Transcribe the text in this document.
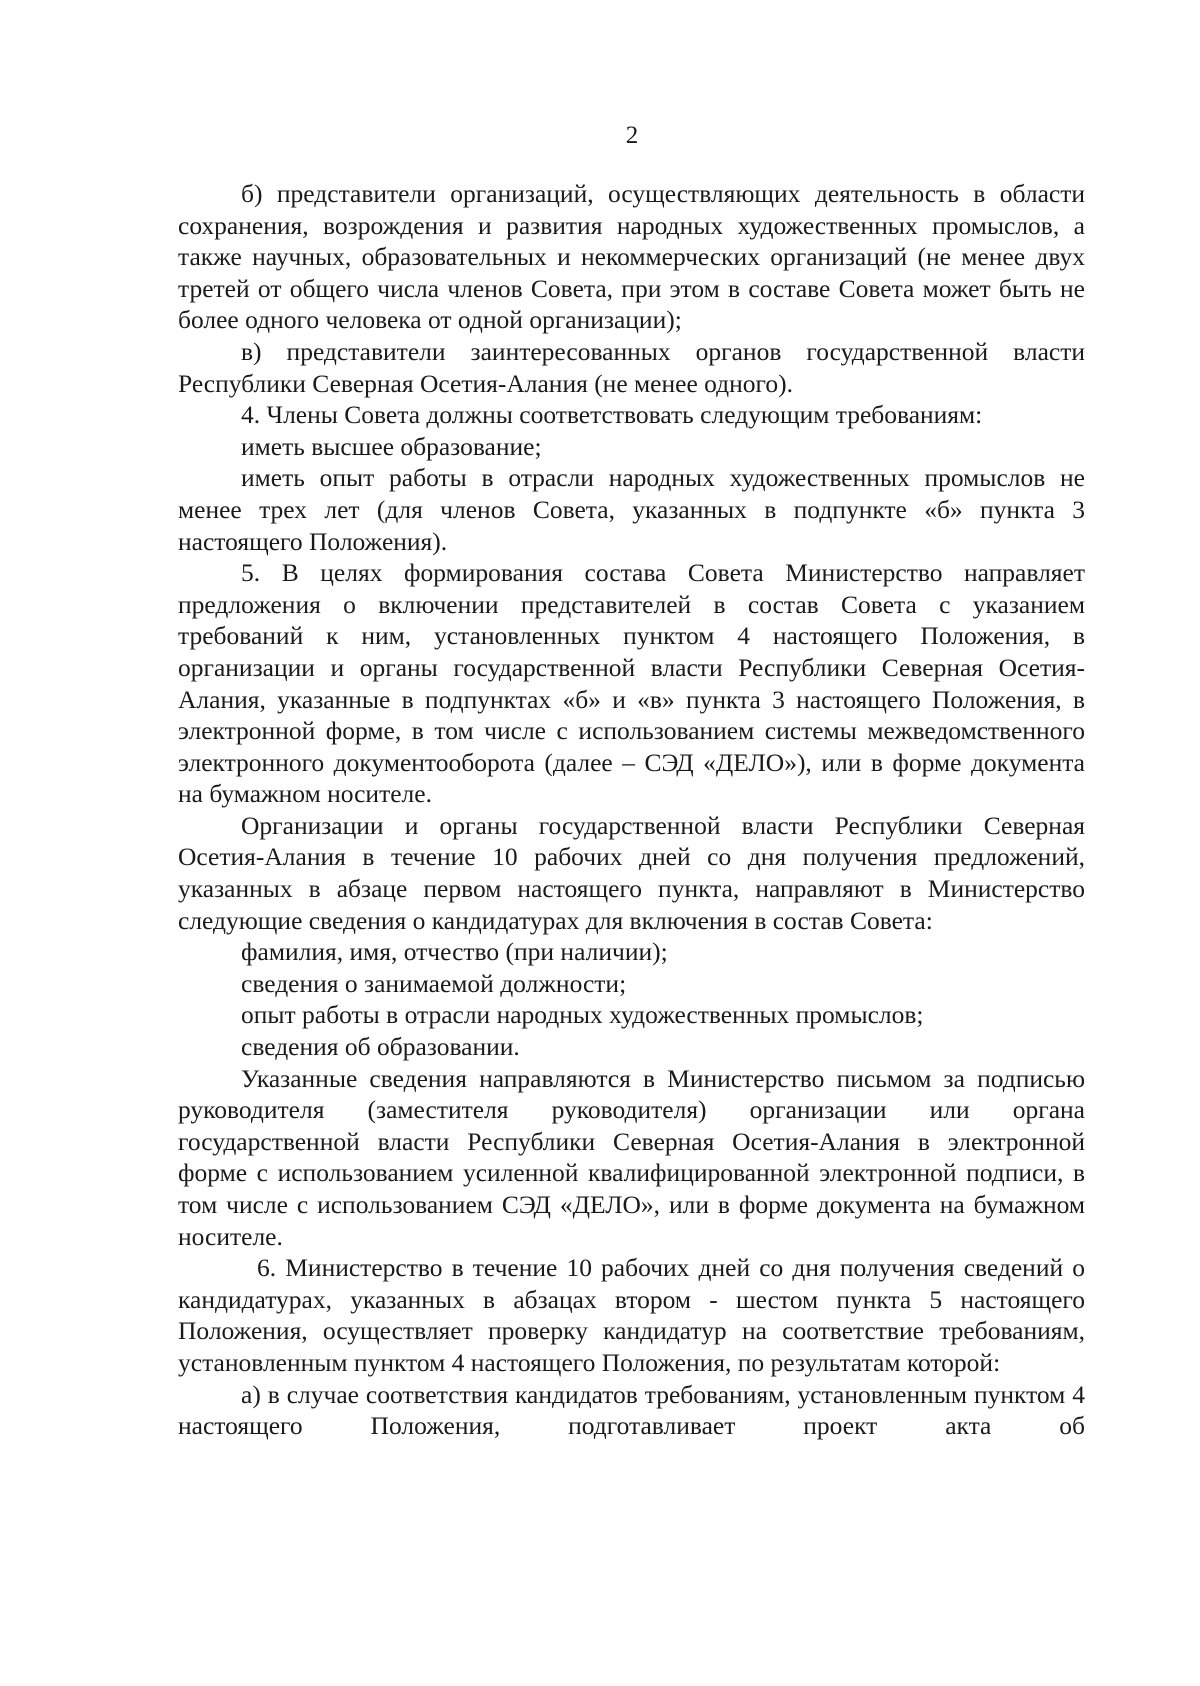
2

б) представители организаций, осуществляющих деятельность в области сохранения, возрождения и развития народных художественных промыслов, а также научных, образовательных и некоммерческих организаций (не менее двух третей от общего числа членов Совета, при этом в составе Совета может быть не более одного человека от одной организации);

в) представители заинтересованных органов государственной власти Республики Северная Осетия-Алания (не менее одного).

4. Члены Совета должны соответствовать следующим требованиям:

иметь высшее образование;

иметь опыт работы в отрасли народных художественных промыслов не менее трех лет (для членов Совета, указанных в подпункте «б» пункта 3 настоящего Положения).

5. В целях формирования состава Совета Министерство направляет предложения о включении представителей в состав Совета с указанием требований к ним, установленных пунктом 4 настоящего Положения, в организации и органы государственной власти Республики Северная Осетия-Алания, указанные в подпунктах «б» и «в» пункта 3 настоящего Положения, в электронной форме, в том числе с использованием системы межведомственного электронного документооборота (далее – СЭД «ДЕЛО»), или в форме документа на бумажном носителе.

Организации и органы государственной власти Республики Северная Осетия-Алания в течение 10 рабочих дней со дня получения предложений, указанных в абзаце первом настоящего пункта, направляют в Министерство следующие сведения о кандидатурах для включения в состав Совета:

фамилия, имя, отчество (при наличии);

сведения о занимаемой должности;

опыт работы в отрасли народных художественных промыслов;

сведения об образовании.

Указанные сведения направляются в Министерство письмом за подписью руководителя (заместителя руководителя) организации или органа государственной власти Республики Северная Осетия-Алания в электронной форме с использованием усиленной квалифицированной электронной подписи, в том числе с использованием СЭД «ДЕЛО», или в форме документа на бумажном носителе.

6. Министерство в течение 10 рабочих дней со дня получения сведений о кандидатурах, указанных в абзацах втором - шестом пункта 5 настоящего Положения, осуществляет проверку кандидатур на соответствие требованиям, установленным пунктом 4 настоящего Положения, по результатам которой:

а) в случае соответствия кандидатов требованиям, установленным пунктом 4 настоящего Положения, подготавливает проект акта об
